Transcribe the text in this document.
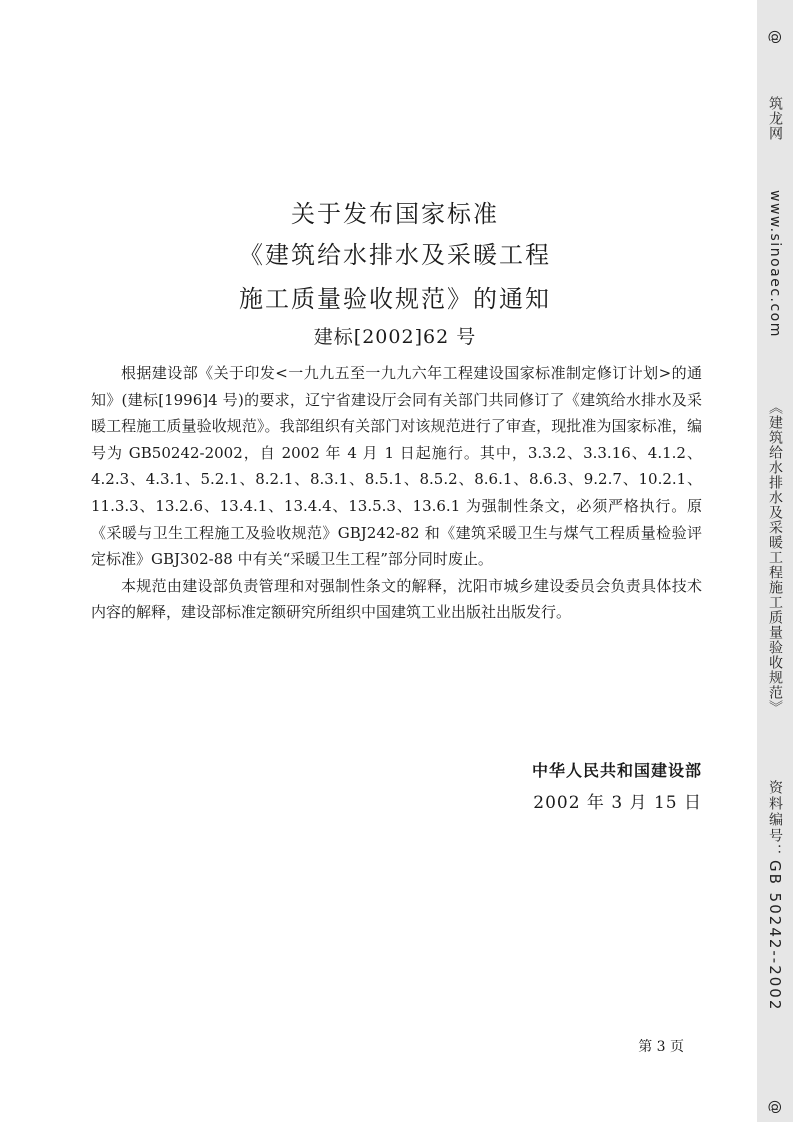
关于发布国家标准
《建筑给水排水及采暖工程
施工质量验收规范》的通知
建标[2002]62 号

根据建设部《关于印发<一九九五至一九九六年工程建设国家标准制定修订计划>的通知》(建标[1996]4 号)的要求，辽宁省建设厅会同有关部门共同修订了《建筑给水排水及采暖工程施工质量验收规范》。我部组织有关部门对该规范进行了审查，现批准为国家标准，编号为 GB50242-2002，自 2002 年 4 月 1 日起施行。其中，3.3.2、3.3.16、4.1.2、4.2.3、4.3.1、5.2.1、8.2.1、8.3.1、8.5.1、8.5.2、8.6.1、8.6.3、9.2.7、10.2.1、11.3.3、13.2.6、13.4.1、13.4.4、13.5.3、13.6.1 为强制性条文，必须严格执行。原《采暖与卫生工程施工及验收规范》GBJ242-82 和《建筑采暖卫生与煤气工程质量检验评定标准》GBJ302-88 中有关“采暖卫生工程”部分同时废止。

本规范由建设部负责管理和对强制性条文的解释，沈阳市城乡建设委员会负责具体技术内容的解释，建设部标准定额研究所组织中国建筑工业出版社出版发行。

中华人民共和国建设部
2002 年 3 月 15 日
第 3 页
@
筑龙网
www.sinoaec.com
《建筑给水排水及采暖工程施工质量验收规范》
资料编号：GB 50242--2002
@
